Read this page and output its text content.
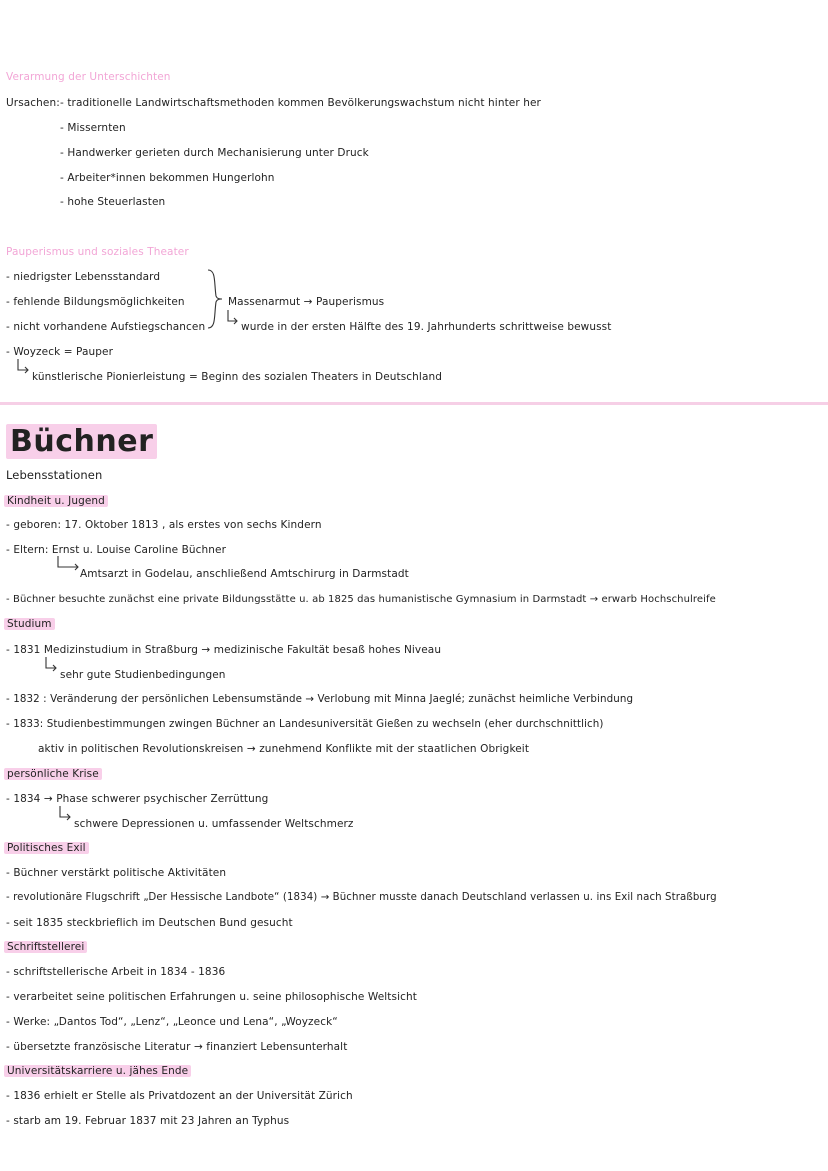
Verarmung der Unterschichten
Ursachen: - traditionelle Landwirtschaftsmethoden kommen Bevölkerungswachstum nicht hinter her
- Missernten
- Handwerker gerieten durch Mechanisierung unter Druck
- Arbeiter*innen bekommen Hungerlohn
- hohe Steuerlasten
Pauperismus und soziales Theater
- niedrigster Lebensstandard
- fehlende Bildungsmöglichkeiten
- nicht vorhandene Aufstiegschancen
Massenarmut → Pauperismus
wurde in der ersten Hälfte des 19. Jahrhunderts schrittweise bewusst
- Woyzeck = Pauper
künstlerische Pionierleistung = Beginn des sozialen Theaters in Deutschland
Büchner
Lebensstationen
Kindheit u. Jugend
- geboren: 17. Oktober 1813 , als erstes von sechs Kindern
- Eltern: Ernst u. Louise Caroline Büchner
Amtsarzt in Godelau, anschließend Amtschirurg in Darmstadt
- Büchner besuchte zunächst eine private Bildungsstätte u. ab 1825 das humanistische Gymnasium in Darmstadt → erwarb Hochschulreife
Studium
- 1831 Medizinstudium in Straßburg → medizinische Fakultät besaß hohes Niveau
sehr gute Studienbedingungen
- 1832 : Veränderung der persönlichen Lebensumstände → Verlobung mit Minna Jaeglé; zunächst heimliche Verbindung
- 1833: Studienbestimmungen zwingen Büchner an Landesuniversität Gießen zu wechseln (eher durchschnittlich)
aktiv in politischen Revolutionskreisen → zunehmend Konflikte mit der staatlichen Obrigkeit
persönliche Krise
- 1834 → Phase schwerer psychischer Zerrüttung
schwere Depressionen u. umfassender Weltschmerz
Politisches Exil
- Büchner verstärkt politische Aktivitäten
- revolutionäre Flugschrift „Der Hessische Landbote“ (1834) → Büchner musste danach Deutschland verlassen u. ins Exil nach Straßburg
- seit 1835 steckbrieflich im Deutschen Bund gesucht
Schriftstellerei
- schriftstellerische Arbeit in 1834 - 1836
- verarbeitet seine politischen Erfahrungen u. seine philosophische Weltsicht
- Werke: „Dantos Tod“, „Lenz“, „Leonce und Lena“, „Woyzeck“
- übersetzte französische Literatur → finanziert Lebensunterhalt
Universitätskarriere u. jähes Ende
- 1836 erhielt er Stelle als Privatdozent an der Universität Zürich
- starb am 19. Februar 1837 mit 23 Jahren an Typhus
